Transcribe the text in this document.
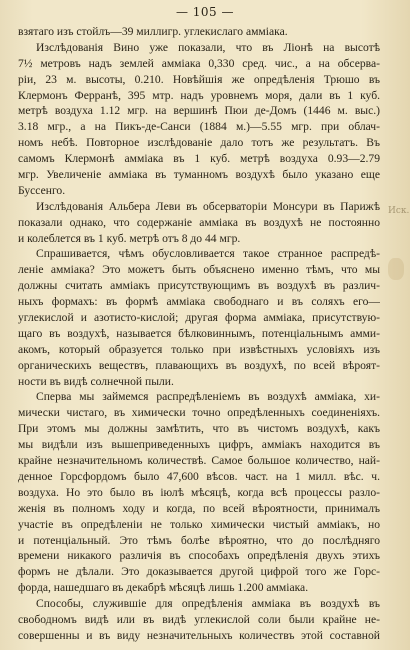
— 105 —
взятаго изъ стойлъ—39 миллигр. углекислаго амміака.
Изслѣдованія Вино уже показали, что въ Ліонѣ на высотѣ
7½ метровъ надъ землей амміака 0,330 сред. чис., а на обсерва-
ріи, 23 м. высоты, 0.210. Новѣйшія же опредѣленія Трюшо въ
Клермонъ Ферранѣ, 395 мтр. надъ уровнемъ моря, дали въ 1 куб.
метрѣ воздуха 1.12 мгр. на вершинѣ Пюи де-Домъ (1446 м. выс.)
3.18 мгр., а на Пикъ-де-Санси (1884 м.)—5.55 мгр. при облач-
номъ небѣ. Повторное изслѣдованіе дало тотъ же результатъ. Въ
самомъ Клермонѣ амміака въ 1 куб. метрѣ воздуха 0.93—2.79
мгр. Увеличеніе амміака въ туманномъ воздухѣ было указано еще
Буссенго.
Изслѣдованія Альбера Леви въ обсерваторіи Монсури въ Парижѣ
показали однако, что содержаніе амміака въ воздухѣ не постоянно
и колеблется въ 1 куб. метрѣ отъ 8 до 44 мгр.
Спрашивается, чѣмъ обусловливается такое странное распредѣ-
леніе амміака? Это можетъ быть объяснено именно тѣмъ, что мы
должны считать амміакъ присутствующимъ въ воздухѣ въ различ-
ныхъ формахъ: въ формѣ амміака свободнаго и въ соляхъ его—
углекислой и азотисто-кислой; другая форма амміака, присутствую-
щаго въ воздухѣ, называется бѣлковиннымъ, потенціальнымъ амми-
акомъ, который образуется только при извѣстныхъ условіяхъ изъ
органическихъ веществъ, плавающихъ въ воздухѣ, по всей вѣроят-
ности въ видѣ солнечной пыли.
Сперва мы займемся распредѣленіемъ въ воздухѣ амміака, хи-
мически чистаго, въ химически точно опредѣленныхъ соединеніяхъ.
При этомъ мы должны замѣтить, что въ чистомъ воздухѣ, какъ
мы видѣли изъ вышеприведенныхъ цифръ, амміакъ находится въ
крайне незначительномъ количествѣ. Самое большое количество, най-
денное Горсфордомъ было 47,600 вѣсов. част. на 1 милл. вѣс. ч.
воздуха. Но это было въ іюлѣ мѣсяцѣ, когда всѣ процессы разло-
женія въ полномъ ходу и когда, по всей вѣроятности, принималъ
участіе въ опредѣленіи не только химически чистый амміакъ, но
и потенціальный. Это тѣмъ болѣе вѣроятно, что до послѣдняго
времени никакого различія въ способахъ опредѣленія двухъ этихъ
формъ не дѣлали. Это доказывается другой цифрой того же Горс-
форда, нашедшаго въ декабрѣ мѣсяцѣ лишь 1.200 амміака.
Способы, служившіе для опредѣленія амміака въ воздухѣ въ
свободномъ видѣ или въ видѣ углекислой соли были крайне не-
совершенны и въ виду незначительныхъ количествъ этой составной
Иск.
